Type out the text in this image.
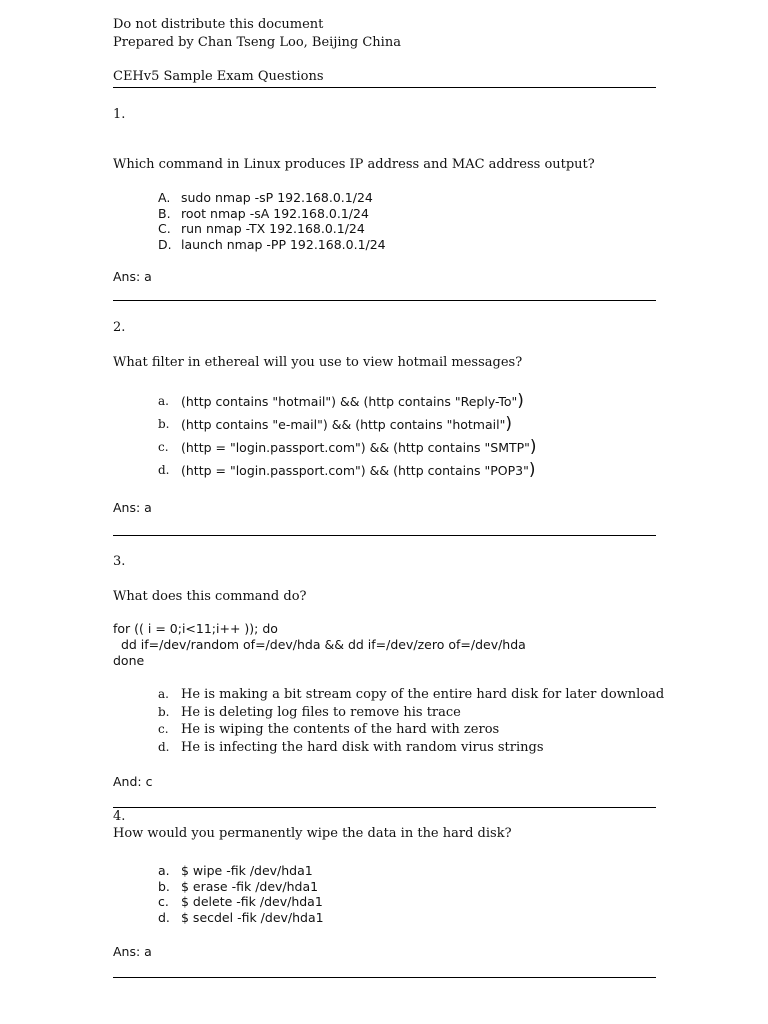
Do not distribute this document
Prepared by Chan Tseng Loo, Beijing China
CEHv5 Sample Exam Questions
1.
Which command in Linux produces IP address and MAC address output?
A. sudo nmap -sP 192.168.0.1/24
B. root nmap -sA 192.168.0.1/24
C. run nmap -TX 192.168.0.1/24
D. launch nmap -PP 192.168.0.1/24
Ans: a
2.
What filter in ethereal will you use to view hotmail messages?
a. (http contains "hotmail") && (http contains "Reply-To")
b. (http contains "e-mail") && (http contains "hotmail")
c. (http = "login.passport.com") && (http contains "SMTP")
d. (http = "login.passport.com") && (http contains "POP3")
Ans: a
3.
What does this command do?
for (( i = 0;i<11;i++ )); do
dd if=/dev/random of=/dev/hda && dd if=/dev/zero of=/dev/hda
done
a. He is making a bit stream copy of the entire hard disk for later download
b. He is deleting log files to remove his trace
c. He is wiping the contents of the hard with zeros
d. He is infecting the hard disk with random virus strings
And: c
4.
How would you permanently wipe the data in the hard disk?
a. $ wipe -fik /dev/hda1
b. $ erase -fik /dev/hda1
c. $ delete -fik /dev/hda1
d. $ secdel -fik /dev/hda1
Ans: a
